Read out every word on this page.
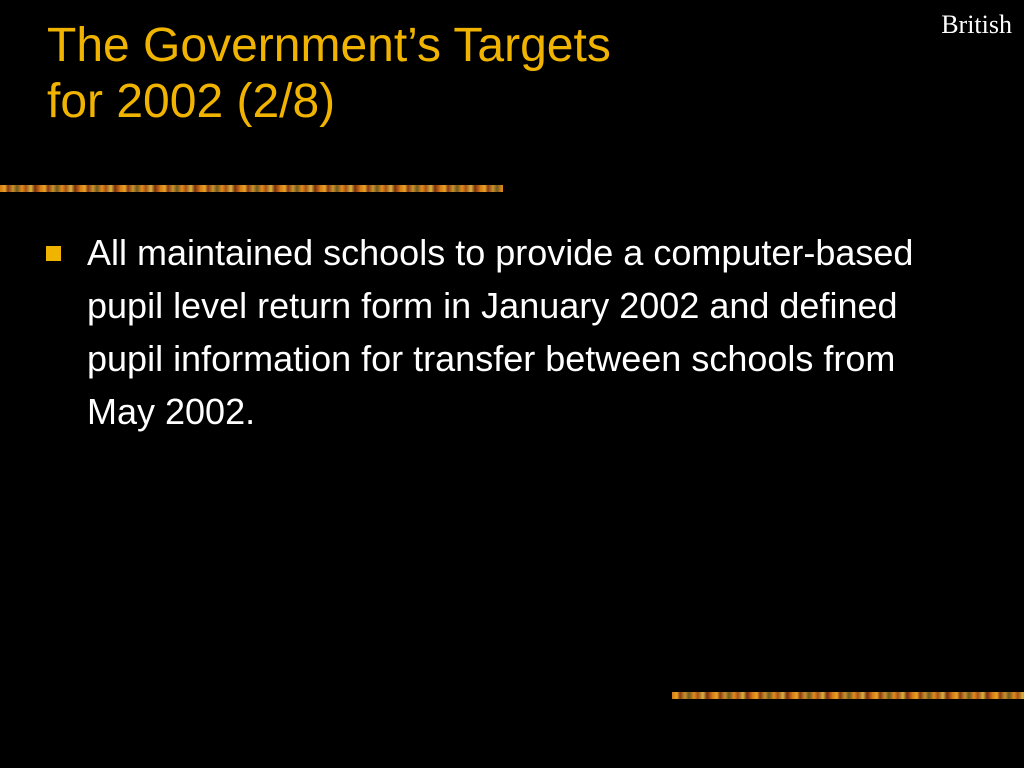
British
The Government’s Targets
for 2002 (2/8)
All maintained schools to provide a computer-based pupil level return form in January 2002 and defined pupil information for transfer between schools from May 2002.
